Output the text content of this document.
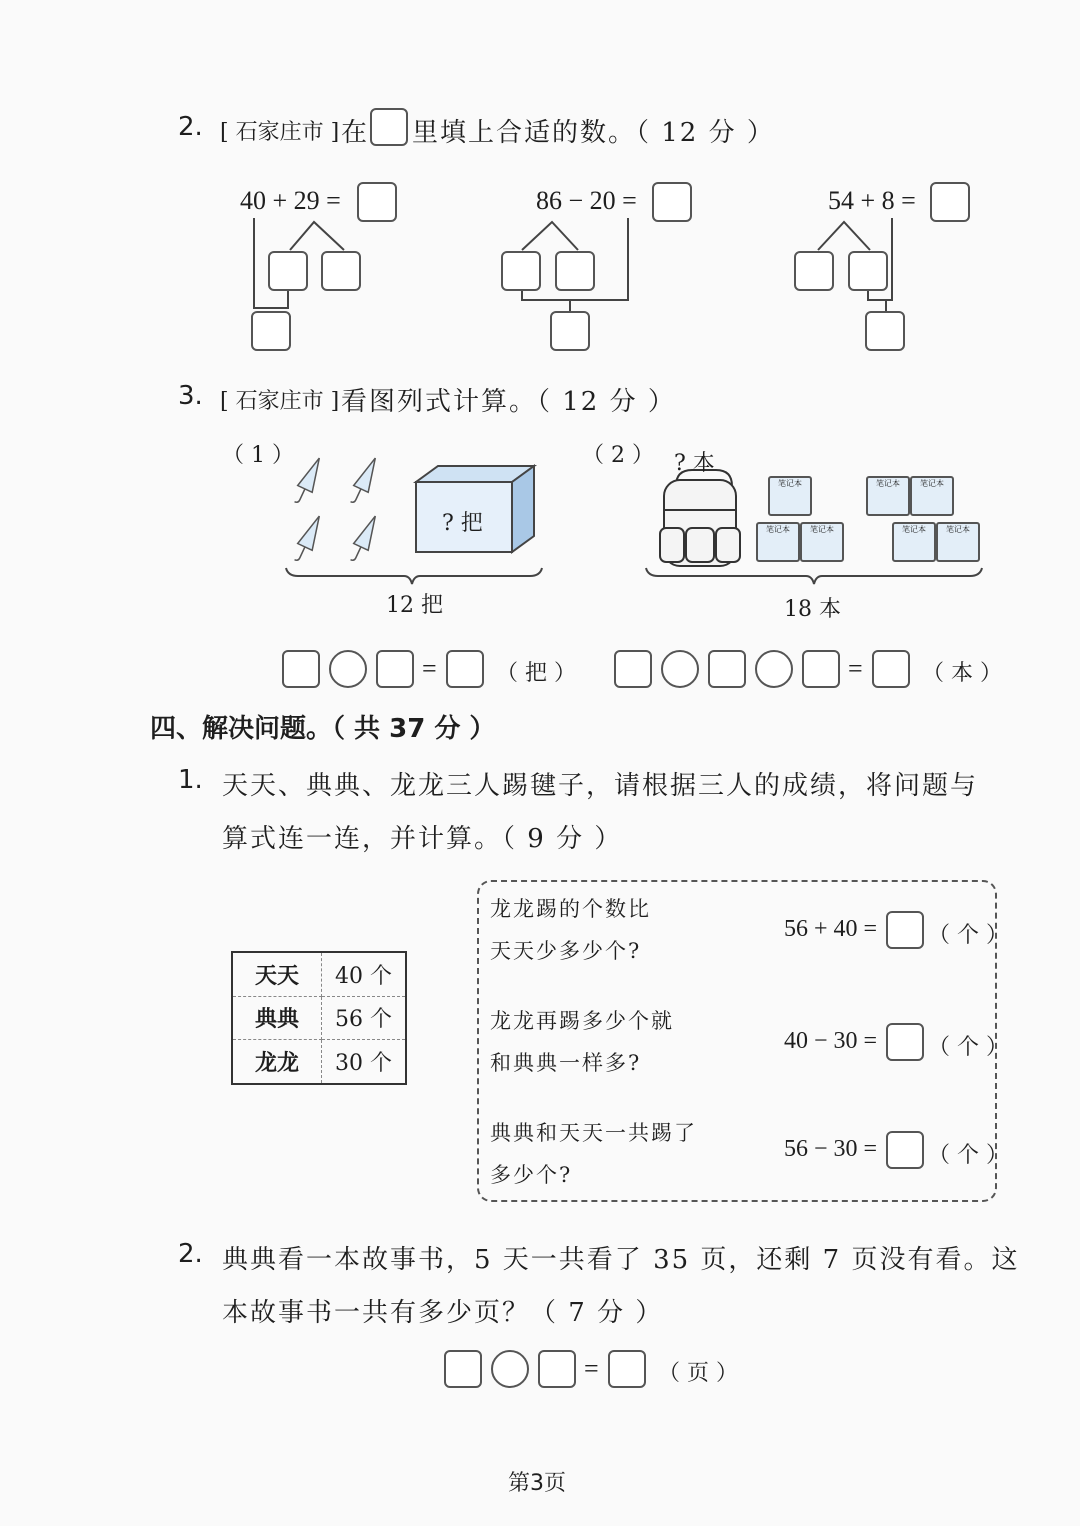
2. [ 石家庄市 ] 在 里填上合适的数。（ 12 分 ）
40 + 29 =	86 − 20 =	54 + 8 =
3. [ 石家庄市 ] 看图列式计算。（ 12 分 ）
（ 1 ）	（ 2 ）
? 把
? 本
笔记本	笔记本	笔记本
笔记本	笔记本	笔记本	笔记本
12 把	18 本
=	（ 把 ）	=	（ 本 ）
四、解决问题。（ 共 37 分 ）
1. 天天、典典、龙龙三人踢毽子，请根据三人的成绩，将问题与
算式连一连，并计算。（ 9 分 ）
天天	40 个
典典	56 个
龙龙	30 个
龙龙踢的个数比
天天少多少个?
56 + 40 = （ 个 ）
龙龙再踢多少个就
和典典一样多?
40 − 30 = （ 个 ）
典典和天天一共踢了
多少个?
56 − 30 = （ 个 ）
2. 典典看一本故事书，5 天一共看了 35 页，还剩 7 页没有看。这
本故事书一共有多少页？（ 7 分 ）
=	（ 页 ）
第3页
